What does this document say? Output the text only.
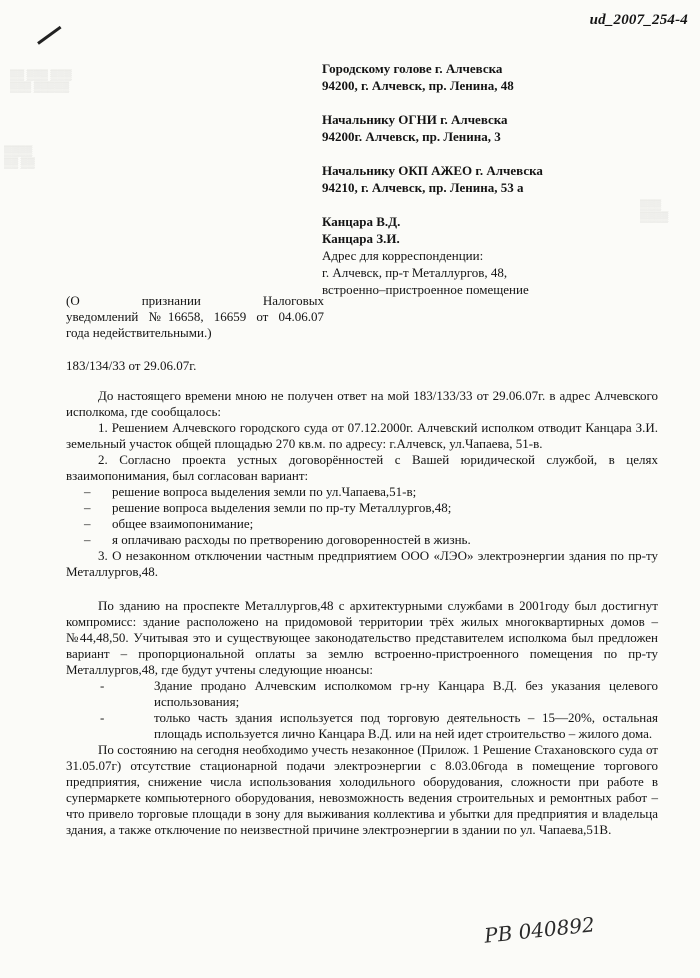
▒▒ ▒▒▒ ▒▒▒
▒▒▒ ▒▒▒▒▒
▒▒▒▒
▒▒ ▒▒
▒▒▒
▒▒▒▒
ud_2007_254-4
Городскому голове г. Алчевска
94200, г. Алчевск, пр. Ленина, 48
Начальнику ОГНИ г. Алчевска
94200г. Алчевск, пр. Ленина, 3
Начальнику ОКП АЖЕО г. Алчевска
94210, г. Алчевск, пр. Ленина, 53 а
Канцара В.Д.
Канцара З.И.
Адрес для корреспонденции:
г. Алчевск, пр-т Металлургов, 48,
встроенно–пристроенное помещение
(О признании Налоговых
уведомлений №16658, 16659 от 04.06.07
года недействительными.)
183/134/33 от 29.06.07г.
До настоящего времени мною не получен ответ на мой 183/133/33 от 29.06.07г. в адрес Алчевского исполкома, где сообщалось:
1. Решением Алчевского городского суда от 07.12.2000г. Алчевский исполком отводит Канцара З.И. земельный участок общей площадью 270 кв.м. по адресу: г.Алчевск, ул.Чапаева, 51-в.
2. Согласно проекта устных договорённостей с Вашей юридической службой, в целях взаимопонимания, был согласован вариант:
–	решение вопроса выделения земли по ул.Чапаева,51-в;
–	решение вопроса выделения земли по пр-ту Металлургов,48;
–	общее взаимопонимание;
–	я оплачиваю расходы по претворению договоренностей в жизнь.
3. О незаконном отключении частным предприятием ООО «ЛЭО» электроэнергии здания по пр-ту Металлургов,48.
По зданию на проспекте Металлургов,48 с архитектурными службами в 2001году был достигнут компромисс: здание расположено на придомовой территории трёх жилых многоквартирных домов – №44,48,50. Учитывая это и существующее законодательство представителем исполкома был предложен вариант – пропорциональной оплаты за землю встроенно-пристроенного помещения по пр-ту Металлургов,48, где будут учтены следующие нюансы:
-	Здание продано Алчевским исполкомом гр-ну Канцара В.Д. без указания целевого использования;
-	только часть здания используется под торговую деятельность – 15—20%, остальная площадь используется лично Канцара В.Д. или на ней идет строительство – жилого дома.
По состоянию на сегодня необходимо учесть незаконное (Прилож. 1 Решение Стахановского суда от 31.05.07г) отсутствие стационарной подачи электроэнергии с 8.03.06года в помещение торгового предприятия, снижение числа использования холодильного оборудования, сложности при работе в супермаркете компьютерного оборудования, невозможность ведения строительных и ремонтных работ – что привело торговые площади в зону для выживания коллектива и убытки для предприятия и владельца здания, а также отключение по неизвестной причине электроэнергии в здании по ул. Чапаева,51В.
РВ 040892
